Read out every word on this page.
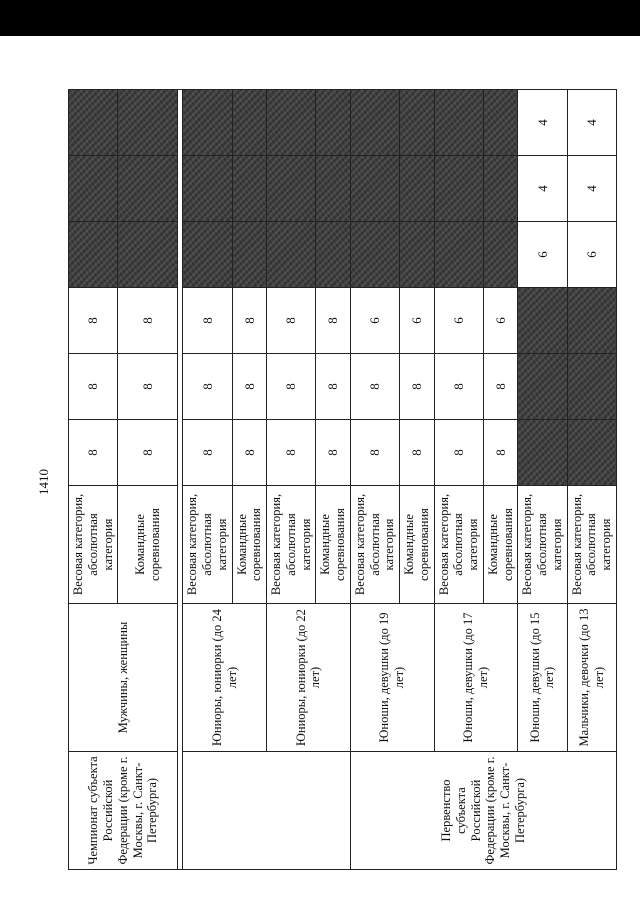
1410
Чемпионат субъекта Российской Федерации (кроме г. Москвы, г. Санкт-Петербурга)	Мужчины, женщины	Весовая категория, абсолютная категория	8	8	8			
		Командные соревнования	8	8	8			

	Юниоры, юниорки (до 24 лет)	Весовая категория, абсолютная категория	8	8	8			
		Командные соревнования	8	8	8			
	Юниоры, юниорки (до 22 лет)	Весовая категория, абсолютная категория	8	8	8			
		Командные соревнования	8	8	8			
Первенство субъекта Российской Федерации (кроме г. Москвы, г. Санкт-Петербурга)	Юноши, девушки (до 19 лет)	Весовая категория, абсолютная категория	8	8	6			
		Командные соревнования	8	8	6			
	Юноши, девушки (до 17 лет)	Весовая категория, абсолютная категория	8	8	6			
		Командные соревнования	8	8	6			
	Юноши, девушки (до 15 лет)	Весовая категория, абсолютная категория				6	4	4
	Мальчики, девочки (до 13 лет)	Весовая категория, абсолютная категория				6	4	4
